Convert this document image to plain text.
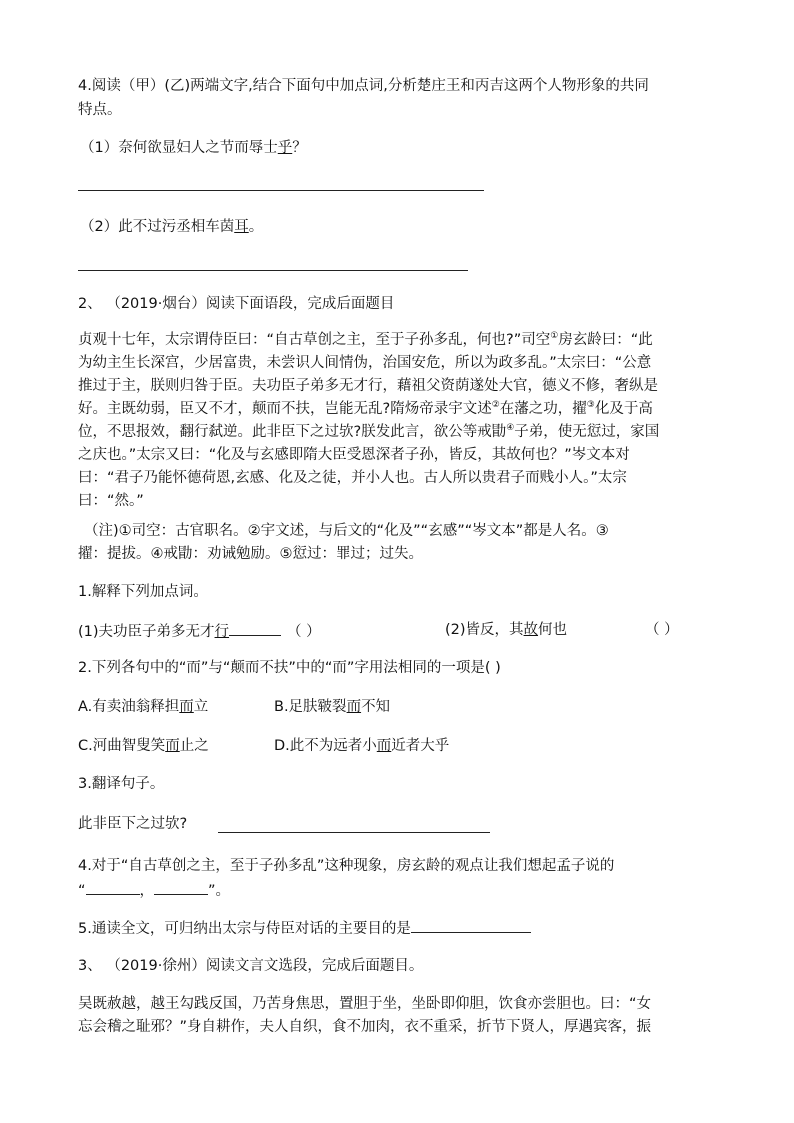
4.阅读（甲）(乙)两端文字,结合下面句中加点词,分析楚庄王和丙吉这两个人物形象的共同
特点。
（1）奈何欲显妇人之节而辱士乎？
（2）此不过污丞相车茵耳。
2、 （2019·烟台）阅读下面语段，完成后面题目
贞观十七年，太宗谓侍臣曰：“自古草创之主，至于子孙多乱，何也?”司空①房玄龄曰：“此
为幼主生长深宫，少居富贵，未尝识人间情伪，治国安危，所以为政多乱。”太宗曰：“公意
推过于主，朕则归咎于臣。夫功臣子弟多无才行，藉祖父资荫遂处大官，德义不修，奢纵是
好。主既幼弱，臣又不才，颠而不扶，岂能无乱?隋炀帝录宇文述②在藩之功，擢③化及于高
位，不思报效，翻行弑逆。此非臣下之过欤?朕发此言，欲公等戒勖④子弟，使无愆过，家国
之庆也。”太宗又曰：“化及与玄感即隋大臣受恩深者子孙，皆反，其故何也？”岑文本对
曰：“君子乃能怀德荷恩,玄感、化及之徒，并小人也。古人所以贵君子而贱小人。”太宗
曰：“然。”
（注)①司空：古官职名。②宇文述，与后文的“化及”“玄感”“岑文本”都是人名。③
擢：提拔。④戒勖：劝诫勉励。⑤愆过：罪过；过失。
1.解释下列加点词。
(1)夫功臣子弟多无才行	（ ）	(2)皆反，其故何也	（ ）
2.下列各句中的“而”与“颠而不扶”中的“而”字用法相同的一项是( )
A.有卖油翁释担而立	B.足肤皲裂而不知
C.河曲智叟笑而止之	D.此不为远者小而近者大乎
3.翻译句子。
此非臣下之过欤?
4.对于“自古草创之主，至于子孙多乱”这种现象，房玄龄的观点让我们想起孟子说的
“	，	”。
5.通读全文，可归纳出太宗与侍臣对话的主要目的是
3、 （2019·徐州）阅读文言文选段，完成后面题目。
吴既赦越，越王勾践反国，乃苦身焦思，置胆于坐，坐卧即仰胆，饮食亦尝胆也。曰：“女
忘会稽之耻邪？”身自耕作，夫人自织，食不加肉，衣不重采，折节下贤人，厚遇宾客，振
